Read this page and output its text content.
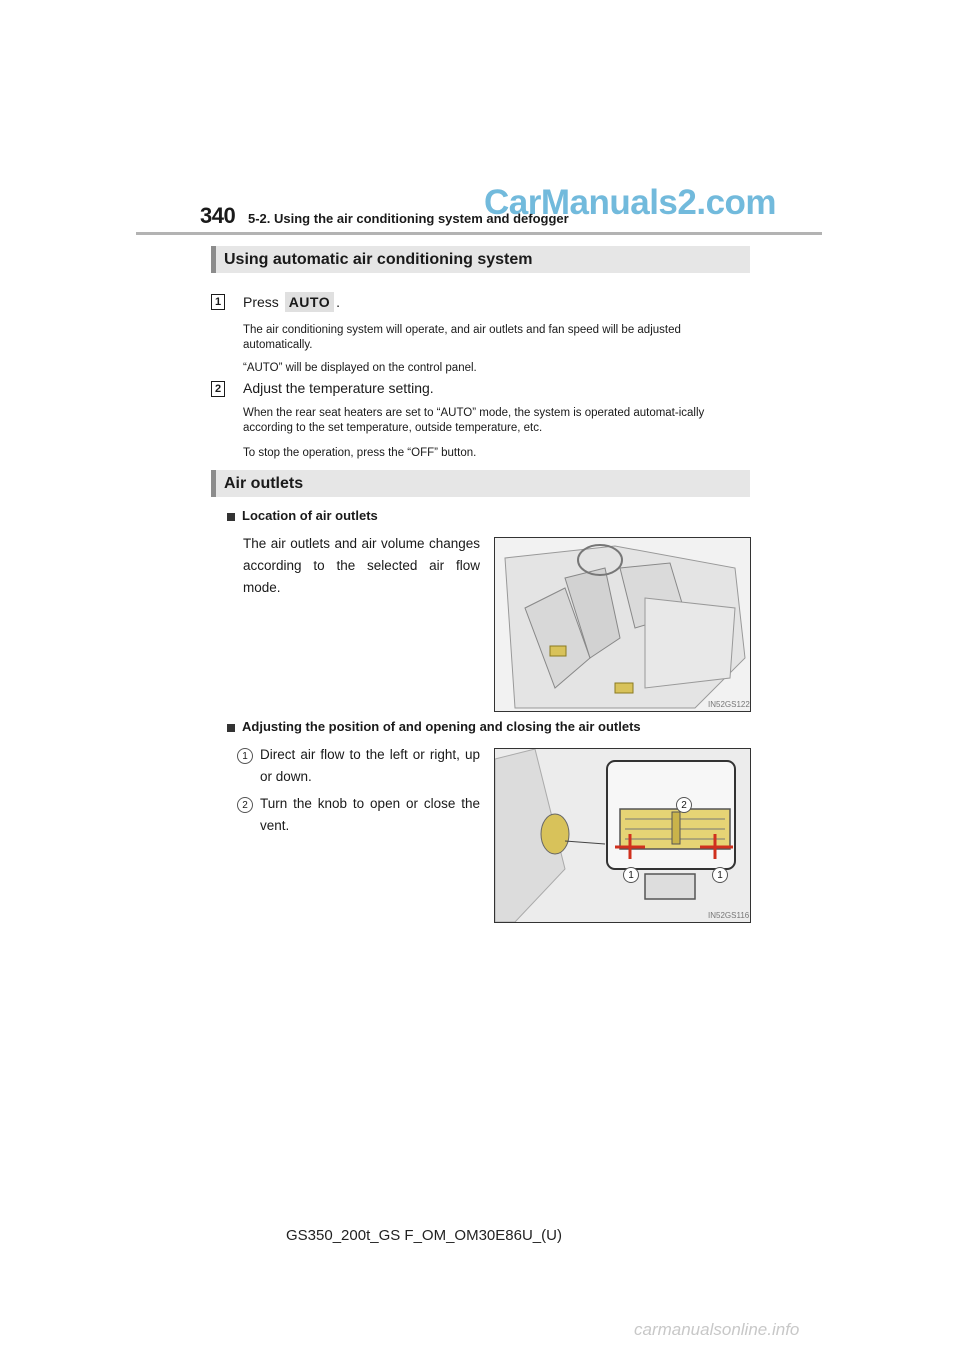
340 5-2. Using the air conditioning system and defogger
CarManuals2.com
Using automatic air conditioning system
1 Press AUTO .
The air conditioning system will operate, and air outlets and fan speed will be adjusted automatically.
“AUTO” will be displayed on the control panel.
2 Adjust the temperature setting.
When the rear seat heaters are set to “AUTO” mode, the system is operated automat-ically according to the set temperature, outside temperature, etc.
To stop the operation, press the “OFF” button.
Air outlets
Location of air outlets
The air outlets and air volume changes according to the selected air flow mode.
IN52GS122
Adjusting the position of and opening and closing the air outlets
1 Direct air flow to the left or right, up or down.
2 Turn the knob to open or close the vent.
2
1	1
IN52GS116
GS350_200t_GS F_OM_OM30E86U_(U)
carmanualsonline.info
